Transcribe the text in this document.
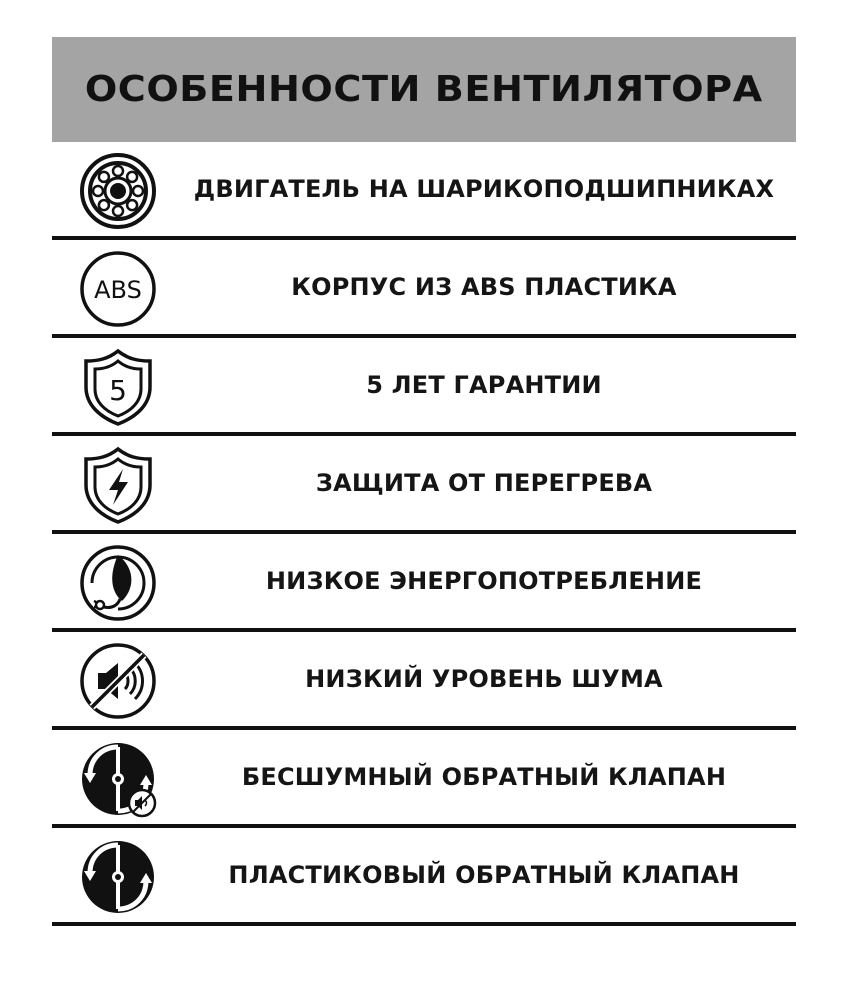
ОСОБЕННОСТИ ВЕНТИЛЯТОРА
ДВИГАТЕЛЬ НА ШАРИКОПОДШИПНИКАХ
ABS	КОРПУС ИЗ ABS ПЛАСТИКА
5	5 ЛЕТ ГАРАНТИИ
ЗАЩИТА ОТ ПЕРЕГРЕВА
НИЗКОЕ ЭНЕРГОПОТРЕБЛЕНИЕ
НИЗКИЙ УРОВЕНЬ ШУМА
БЕСШУМНЫЙ ОБРАТНЫЙ КЛАПАН
ПЛАСТИКОВЫЙ ОБРАТНЫЙ КЛАПАН
